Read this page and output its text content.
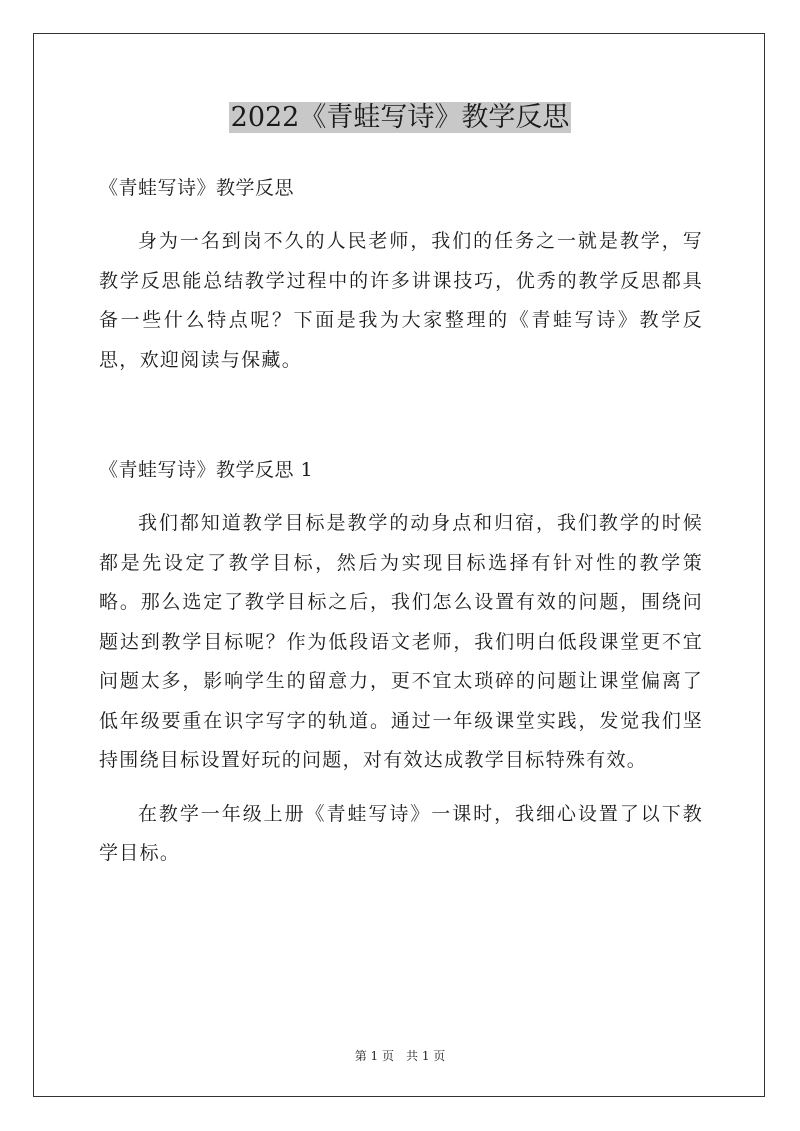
2022《青蛙写诗》教学反思

《青蛙写诗》教学反思

身为一名到岗不久的人民老师，我们的任务之一就是教学，写教学反思能总结教学过程中的许多讲课技巧，优秀的教学反思都具备一些什么特点呢？下面是我为大家整理的《青蛙写诗》教学反思，欢迎阅读与保藏。

《青蛙写诗》教学反思 1

我们都知道教学目标是教学的动身点和归宿，我们教学的时候都是先设定了教学目标，然后为实现目标选择有针对性的教学策略。那么选定了教学目标之后，我们怎么设置有效的问题，围绕问题达到教学目标呢？作为低段语文老师，我们明白低段课堂更不宜问题太多，影响学生的留意力，更不宜太琐碎的问题让课堂偏离了低年级要重在识字写字的轨道。通过一年级课堂实践，发觉我们坚持围绕目标设置好玩的问题，对有效达成教学目标特殊有效。

在教学一年级上册《青蛙写诗》一课时，我细心设置了以下教学目标。

第 1 页　共 1 页
